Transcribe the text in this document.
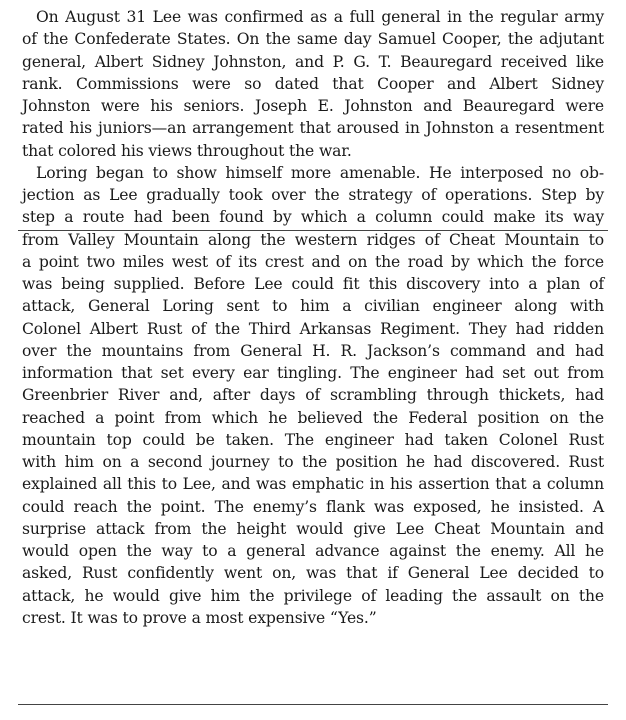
On August 31 Lee was confirmed as a full general in the regular army
of the Confederate States. On the same day Samuel Cooper, the adjutant
general, Albert Sidney Johnston, and P. G. T. Beauregard received like
rank. Commissions were so dated that Cooper and Albert Sidney
Johnston were his seniors. Joseph E. Johnston and Beauregard were
rated his juniors—an arrangement that aroused in Johnston a resentment
that colored his views throughout the war.
Loring began to show himself more amenable. He interposed no ob-
jection as Lee gradually took over the strategy of operations. Step by
step a route had been found by which a column could make its way
from Valley Mountain along the western ridges of Cheat Mountain to
a point two miles west of its crest and on the road by which the force
was being supplied. Before Lee could fit this discovery into a plan of
attack, General Loring sent to him a civilian engineer along with
Colonel Albert Rust of the Third Arkansas Regiment. They had ridden
over the mountains from General H. R. Jackson’s command and had
information that set every ear tingling. The engineer had set out from
Greenbrier River and, after days of scrambling through thickets, had
reached a point from which he believed the Federal position on the
mountain top could be taken. The engineer had taken Colonel Rust
with him on a second journey to the position he had discovered. Rust
explained all this to Lee, and was emphatic in his assertion that a column
could reach the point. The enemy’s flank was exposed, he insisted. A
surprise attack from the height would give Lee Cheat Mountain and
would open the way to a general advance against the enemy. All he
asked, Rust confidently went on, was that if General Lee decided to
attack, he would give him the privilege of leading the assault on the
crest. It was to prove a most expensive “Yes.”
